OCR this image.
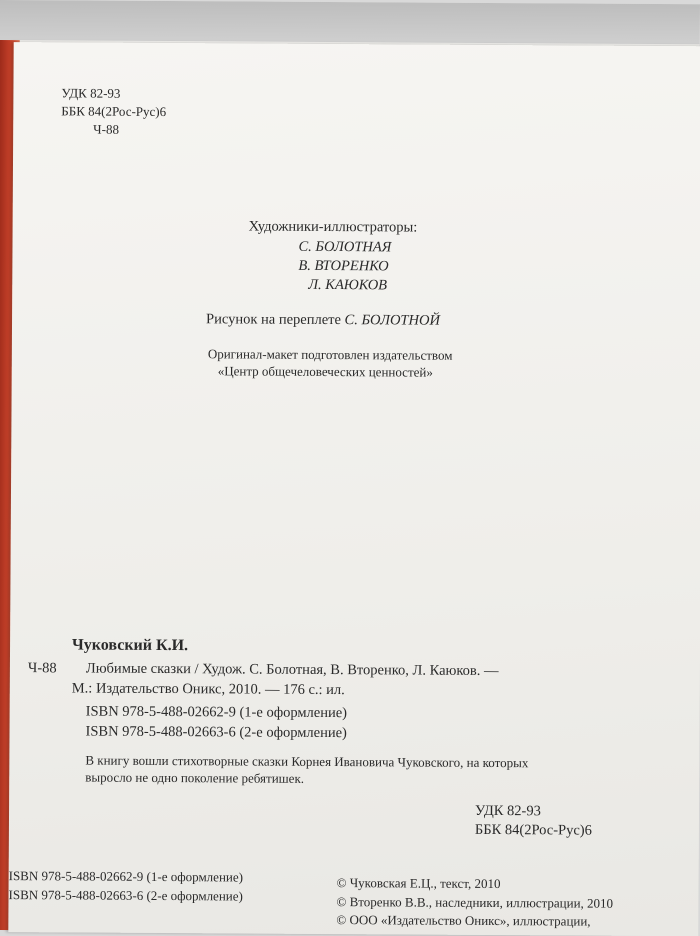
УДК 82-93
ББК 84(2Рос-Рус)6
Ч-88
Художники-иллюстраторы:
С. БОЛОТНАЯ
В. ВТОРЕНКО
Л. КАЮКОВ
Рисунок на переплете С. БОЛОТНОЙ
Оригинал-макет подготовлен издательством
«Центр общечеловеческих ценностей»
Чуковский К.И.
Ч-88 Любимые сказки / Худож. С. Болотная, В. Вторенко, Л. Каюков. —
М.: Издательство Оникс, 2010. — 176 с.: ил.
ISBN 978-5-488-02662-9 (1-е оформление)
ISBN 978-5-488-02663-6 (2-е оформление)
В книгу вошли стихотворные сказки Корнея Ивановича Чуковского, на которых
выросло не одно поколение ребятишек.
УДК 82-93
ББК 84(2Рос-Рус)6
ISBN 978-5-488-02662-9 (1-е оформление)
ISBN 978-5-488-02663-6 (2-е оформление)
© Чуковская Е.Ц., текст, 2010
© Вторенко В.В., наследники, иллюстрации, 2010
© ООО «Издательство Оникс», иллюстрации,
